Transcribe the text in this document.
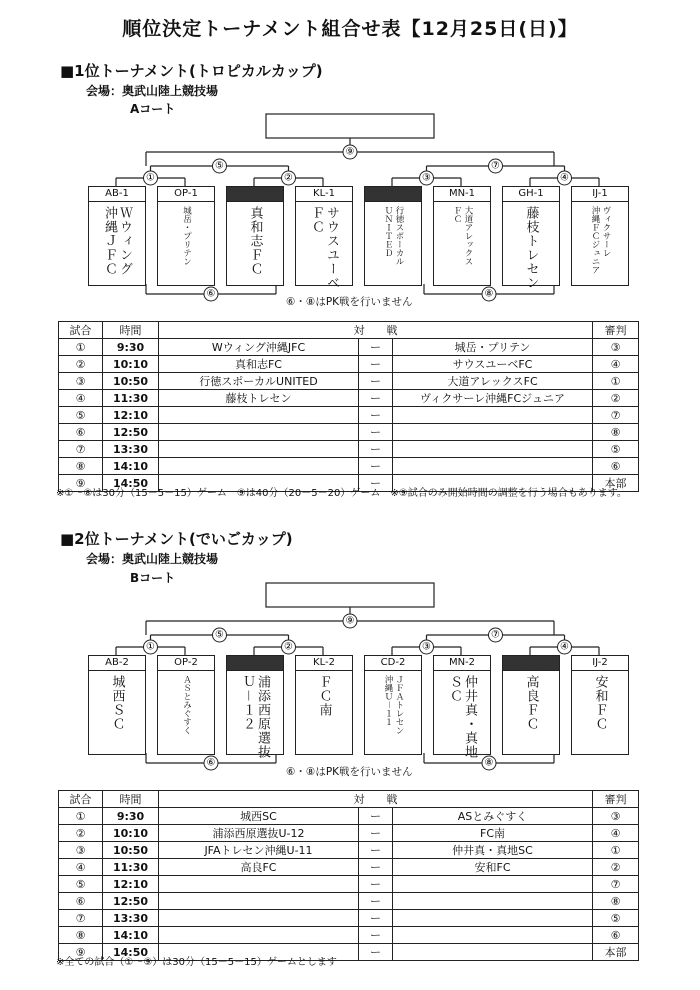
順位決定トーナメント組合せ表【12月25日(日)】
■1位トーナメント(トロピカルカップ)
会場：奥武山陸上競技場
Aコート
①	②	③	④
⑤	⑦
⑨
⑥	⑧
AB-1
Ｗウィング
沖縄ＪＦＣ
OP-1
城岳・プリテン
EF-1
真和志ＦＣ
KL-1
サウスユーベ
ＦＣ
CD-1
行徳スポーカル
ＵＮＩＴＥＤ
MN-1
大道アレックス
ＦＣ
GH-1
藤枝トレセン
IJ-1
ヴィクサーレ
沖縄ＦＣジュニア
⑥・⑧はPK戦を行いません
試合	時間	対　　戦			審判
①	9:30	Wウィング沖縄JFC	ー	城岳・プリテン	③
②	10:10	真和志FC	ー	サウスユーベFC	④
③	10:50	行徳スポーカルUNITED	ー	大道アレックスFC	①
④	11:30	藤枝トレセン	ー	ヴィクサーレ沖縄FCジュニア	②
⑤	12:10		ー		⑦
⑥	12:50		ー		⑧
⑦	13:30		ー		⑤
⑧	14:10		ー		⑥
⑨	14:50		ー		本部
※①～⑧は30分（15－5－15）ゲーム　⑨は40分（20－5－20）ゲーム　※⑨試合のみ開始時間の調整を行う場合もあります。
■2位トーナメント(でいごカップ)
会場：奥武山陸上競技場
Bコート
①	②	③	④
⑤	⑦
⑨
⑥	⑧
AB-2
城西ＳＣ
OP-2
ＡＳとみぐすく
EF-2
浦添西原選抜
Ｕ－１２
KL-2
ＦＣ南
CD-2
ＪＦＡトレセン
沖縄Ｕ－１１
MN-2
仲井真・真地
ＳＣ
GH-2
高良ＦＣ
IJ-2
安和ＦＣ
⑥・⑧はPK戦を行いません
試合	時間	対　　戦			審判
①	9:30	城西SC	ー	ASとみぐすく	③
②	10:10	浦添西原選抜U-12	ー	FC南	④
③	10:50	JFAトレセン沖縄U-11	ー	仲井真・真地SC	①
④	11:30	高良FC	ー	安和FC	②
⑤	12:10		ー		⑦
⑥	12:50		ー		⑧
⑦	13:30		ー		⑤
⑧	14:10		ー		⑥
⑨	14:50		ー		本部
※全ての試合（①～⑨）は30分（15－5－15）ゲームとします
